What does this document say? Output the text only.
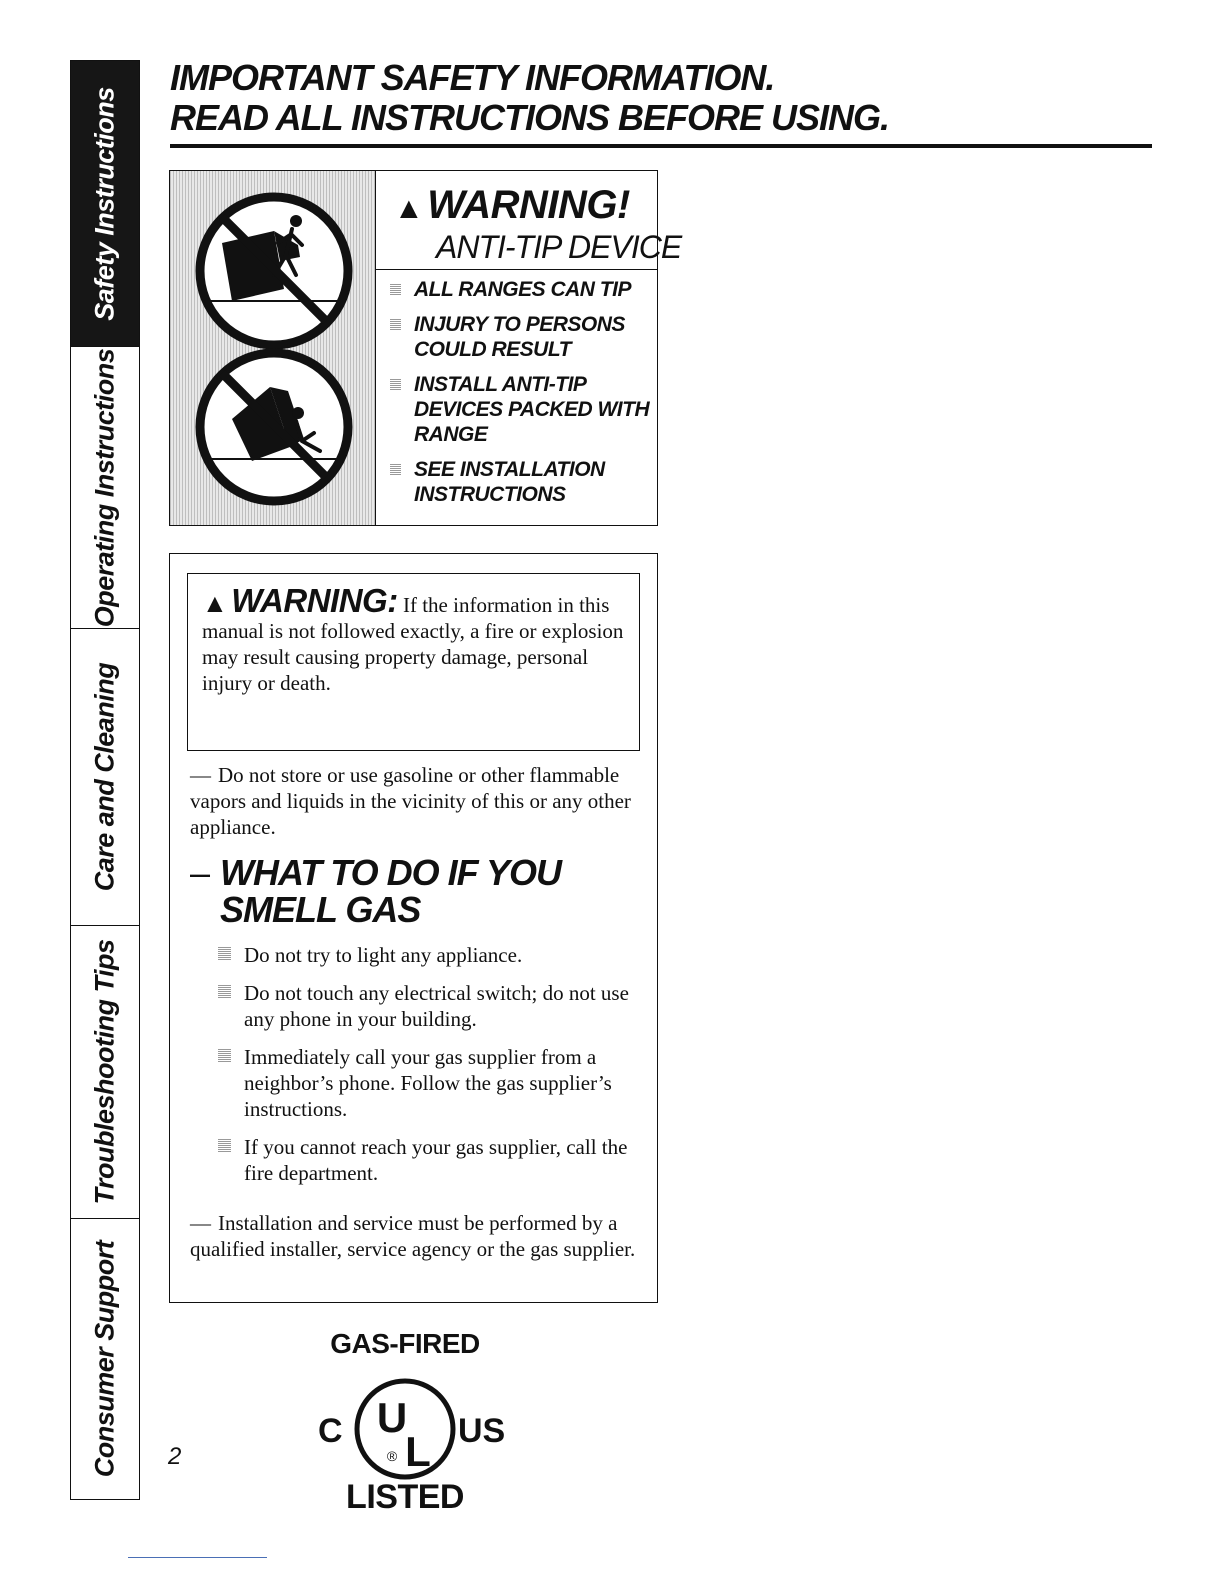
Safety Instructions
Operating Instructions
Care and Cleaning
Troubleshooting Tips
Consumer Support
IMPORTANT SAFETY INFORMATION.
READ ALL INSTRUCTIONS BEFORE USING.
▲ WARNING!
ANTI-TIP DEVICE
ALL RANGES CAN TIP
INJURY TO PERSONS COULD RESULT
INSTALL ANTI-TIP DEVICES PACKED WITH RANGE
SEE INSTALLATION INSTRUCTIONS

▲ WARNING: If the information in this manual is not followed exactly, a fire or explosion may result causing property damage, personal injury or death.

— Do not store or use gasoline or other flammable vapors and liquids in the vicinity of this or any other appliance.
– WHAT TO DO IF YOU
SMELL GAS
Do not try to light any appliance.
Do not touch any electrical switch; do not use any phone in your building.
Immediately call your gas supplier from a neighbor’s phone. Follow the gas supplier’s instructions.
If you cannot reach your gas supplier, call the fire department.
— Installation and service must be performed by a qualified installer, service agency or the gas supplier.
GAS-FIRED
C U
L
®
US
LISTED
2
